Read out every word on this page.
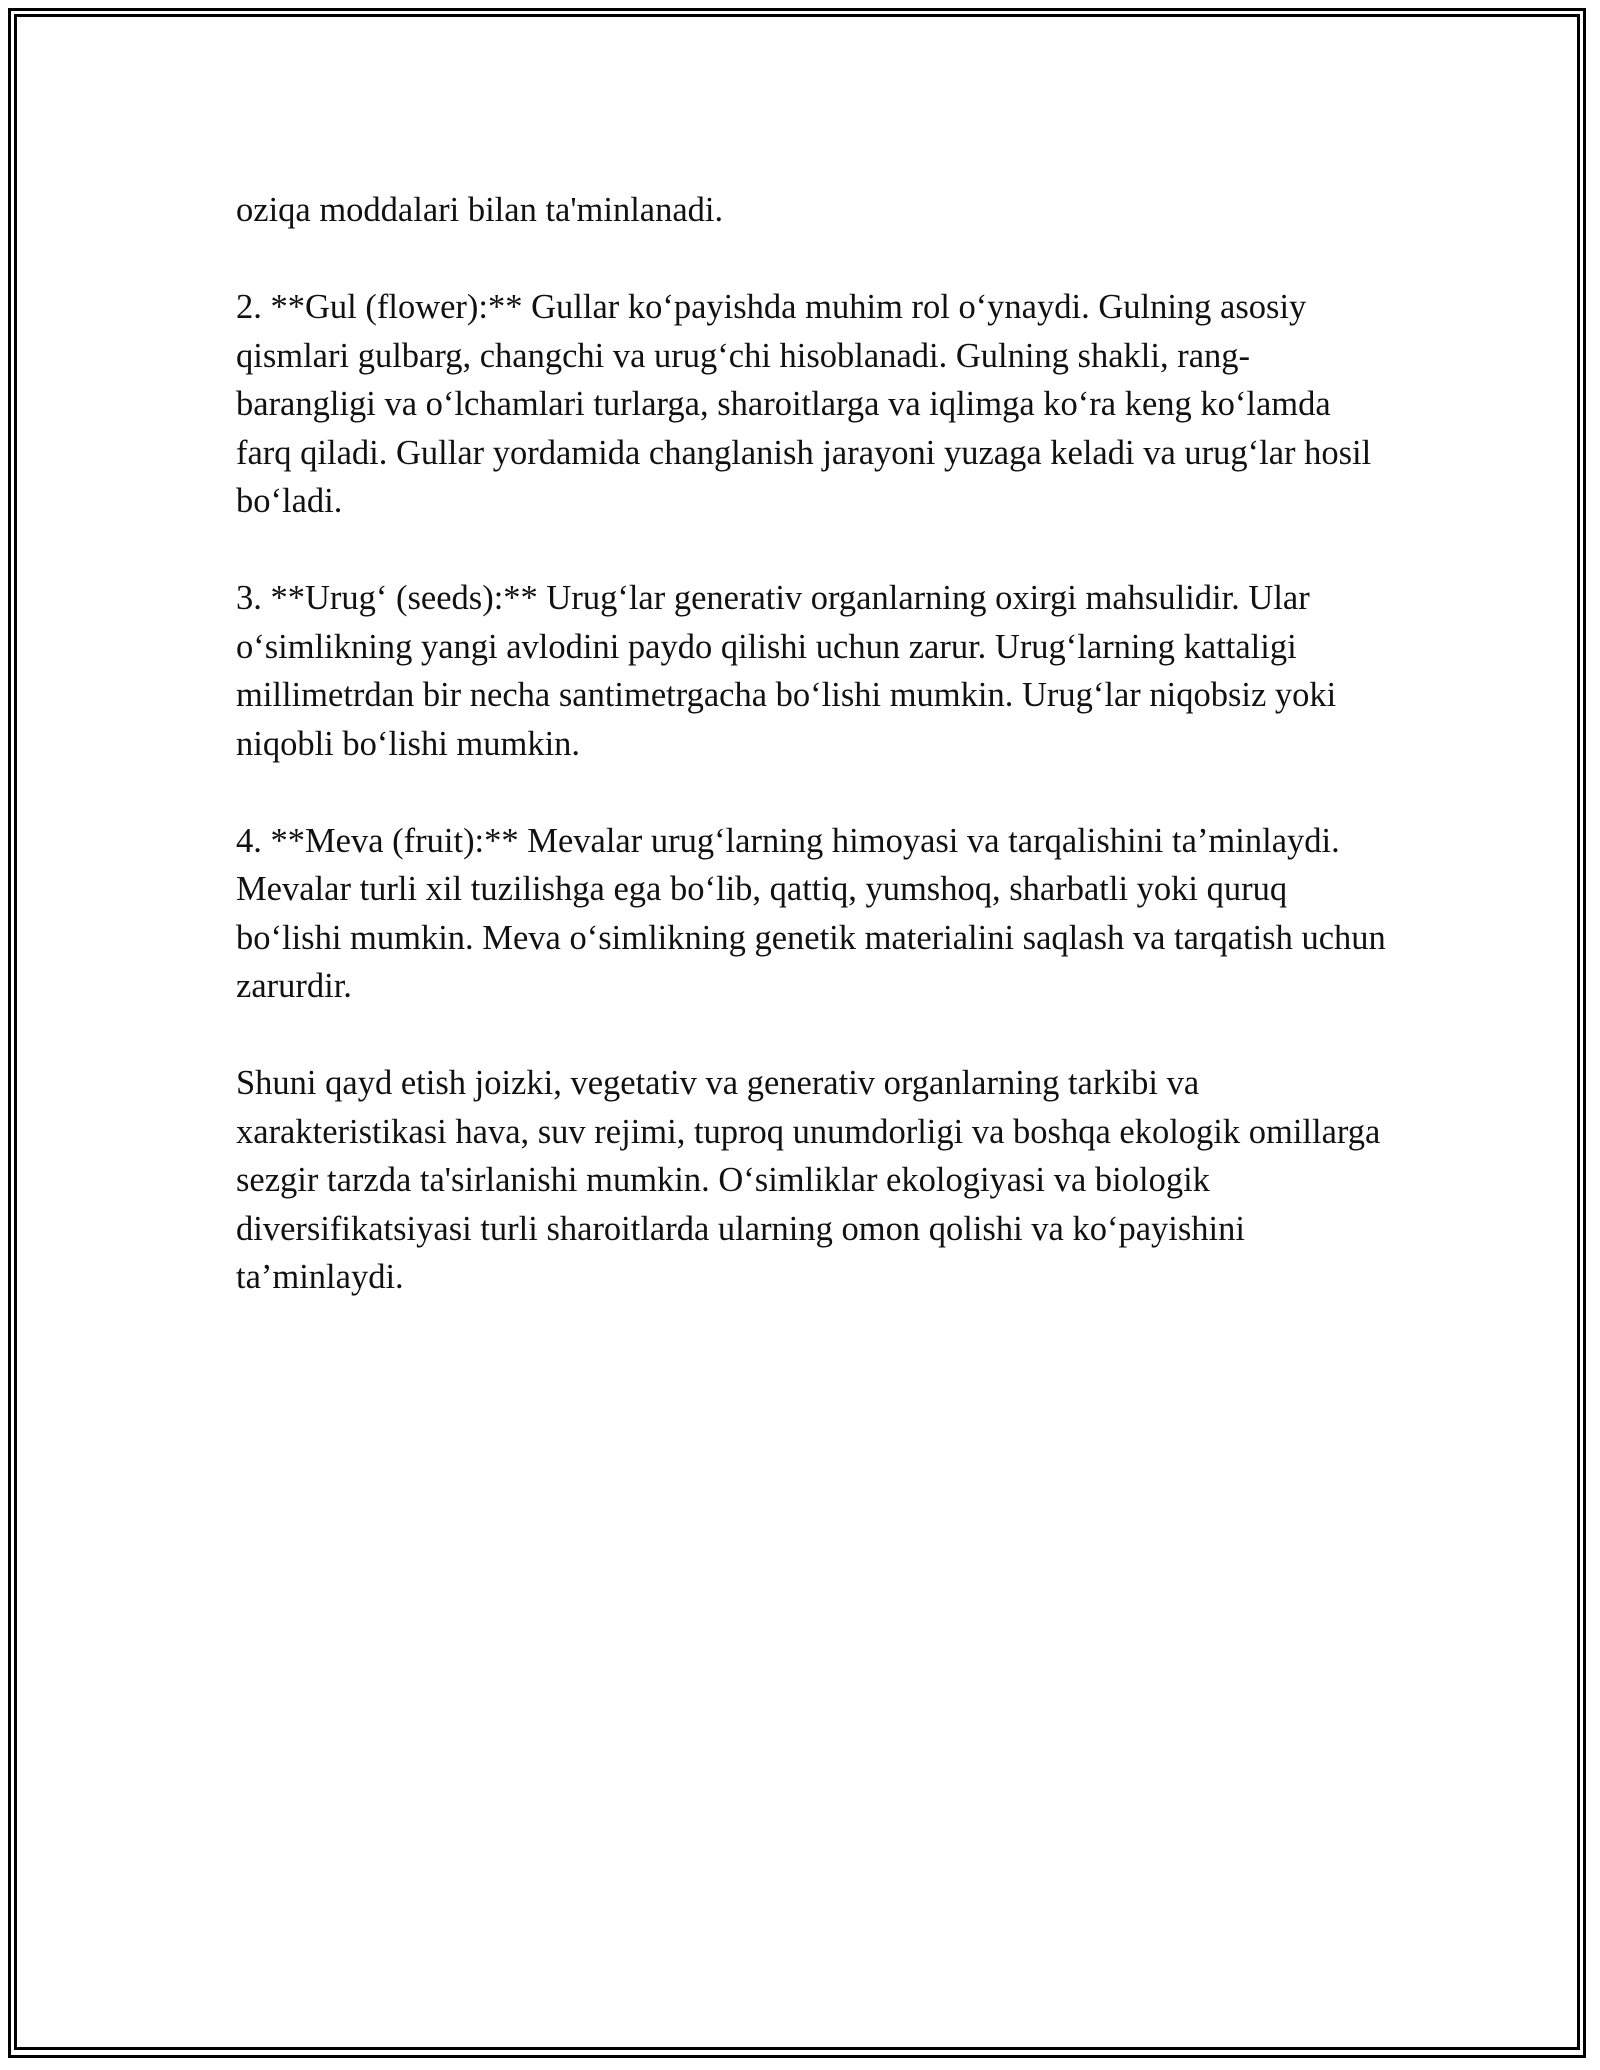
oziqa moddalari bilan ta'minlanadi.

2. **Gul (flower):** Gullar ko‘payishda muhim rol o‘ynaydi. Gulning asosiy qismlari gulbarg, changchi va urug‘chi hisoblanadi. Gulning shakli, rang-barangligi va o‘lchamlari turlarga, sharoitlarga va iqlimga ko‘ra keng ko‘lamda farq qiladi. Gullar yordamida changlanish jarayoni yuzaga keladi va urug‘lar hosil bo‘ladi.

3. **Urug‘ (seeds):** Urug‘lar generativ organlarning oxirgi mahsulidir. Ular o‘simlikning yangi avlodini paydo qilishi uchun zarur. Urug‘larning kattaligi millimetrdan bir necha santimetrgacha bo‘lishi mumkin. Urug‘lar niqobsiz yoki niqobli bo‘lishi mumkin.

4. **Meva (fruit):** Mevalar urug‘larning himoyasi va tarqalishini ta’minlaydi. Mevalar turli xil tuzilishga ega bo‘lib, qattiq, yumshoq, sharbatli yoki quruq bo‘lishi mumkin. Meva o‘simlikning genetik materialini saqlash va tarqatish uchun zarurdir.

Shuni qayd etish joizki, vegetativ va generativ organlarning tarkibi va xarakteristikasi hava, suv rejimi, tuproq unumdorligi va boshqa ekologik omillarga sezgir tarzda ta'sirlanishi mumkin. O‘simliklar ekologiyasi va biologik diversifikatsiyasi turli sharoitlarda ularning omon qolishi va ko‘payishini ta’minlaydi.
